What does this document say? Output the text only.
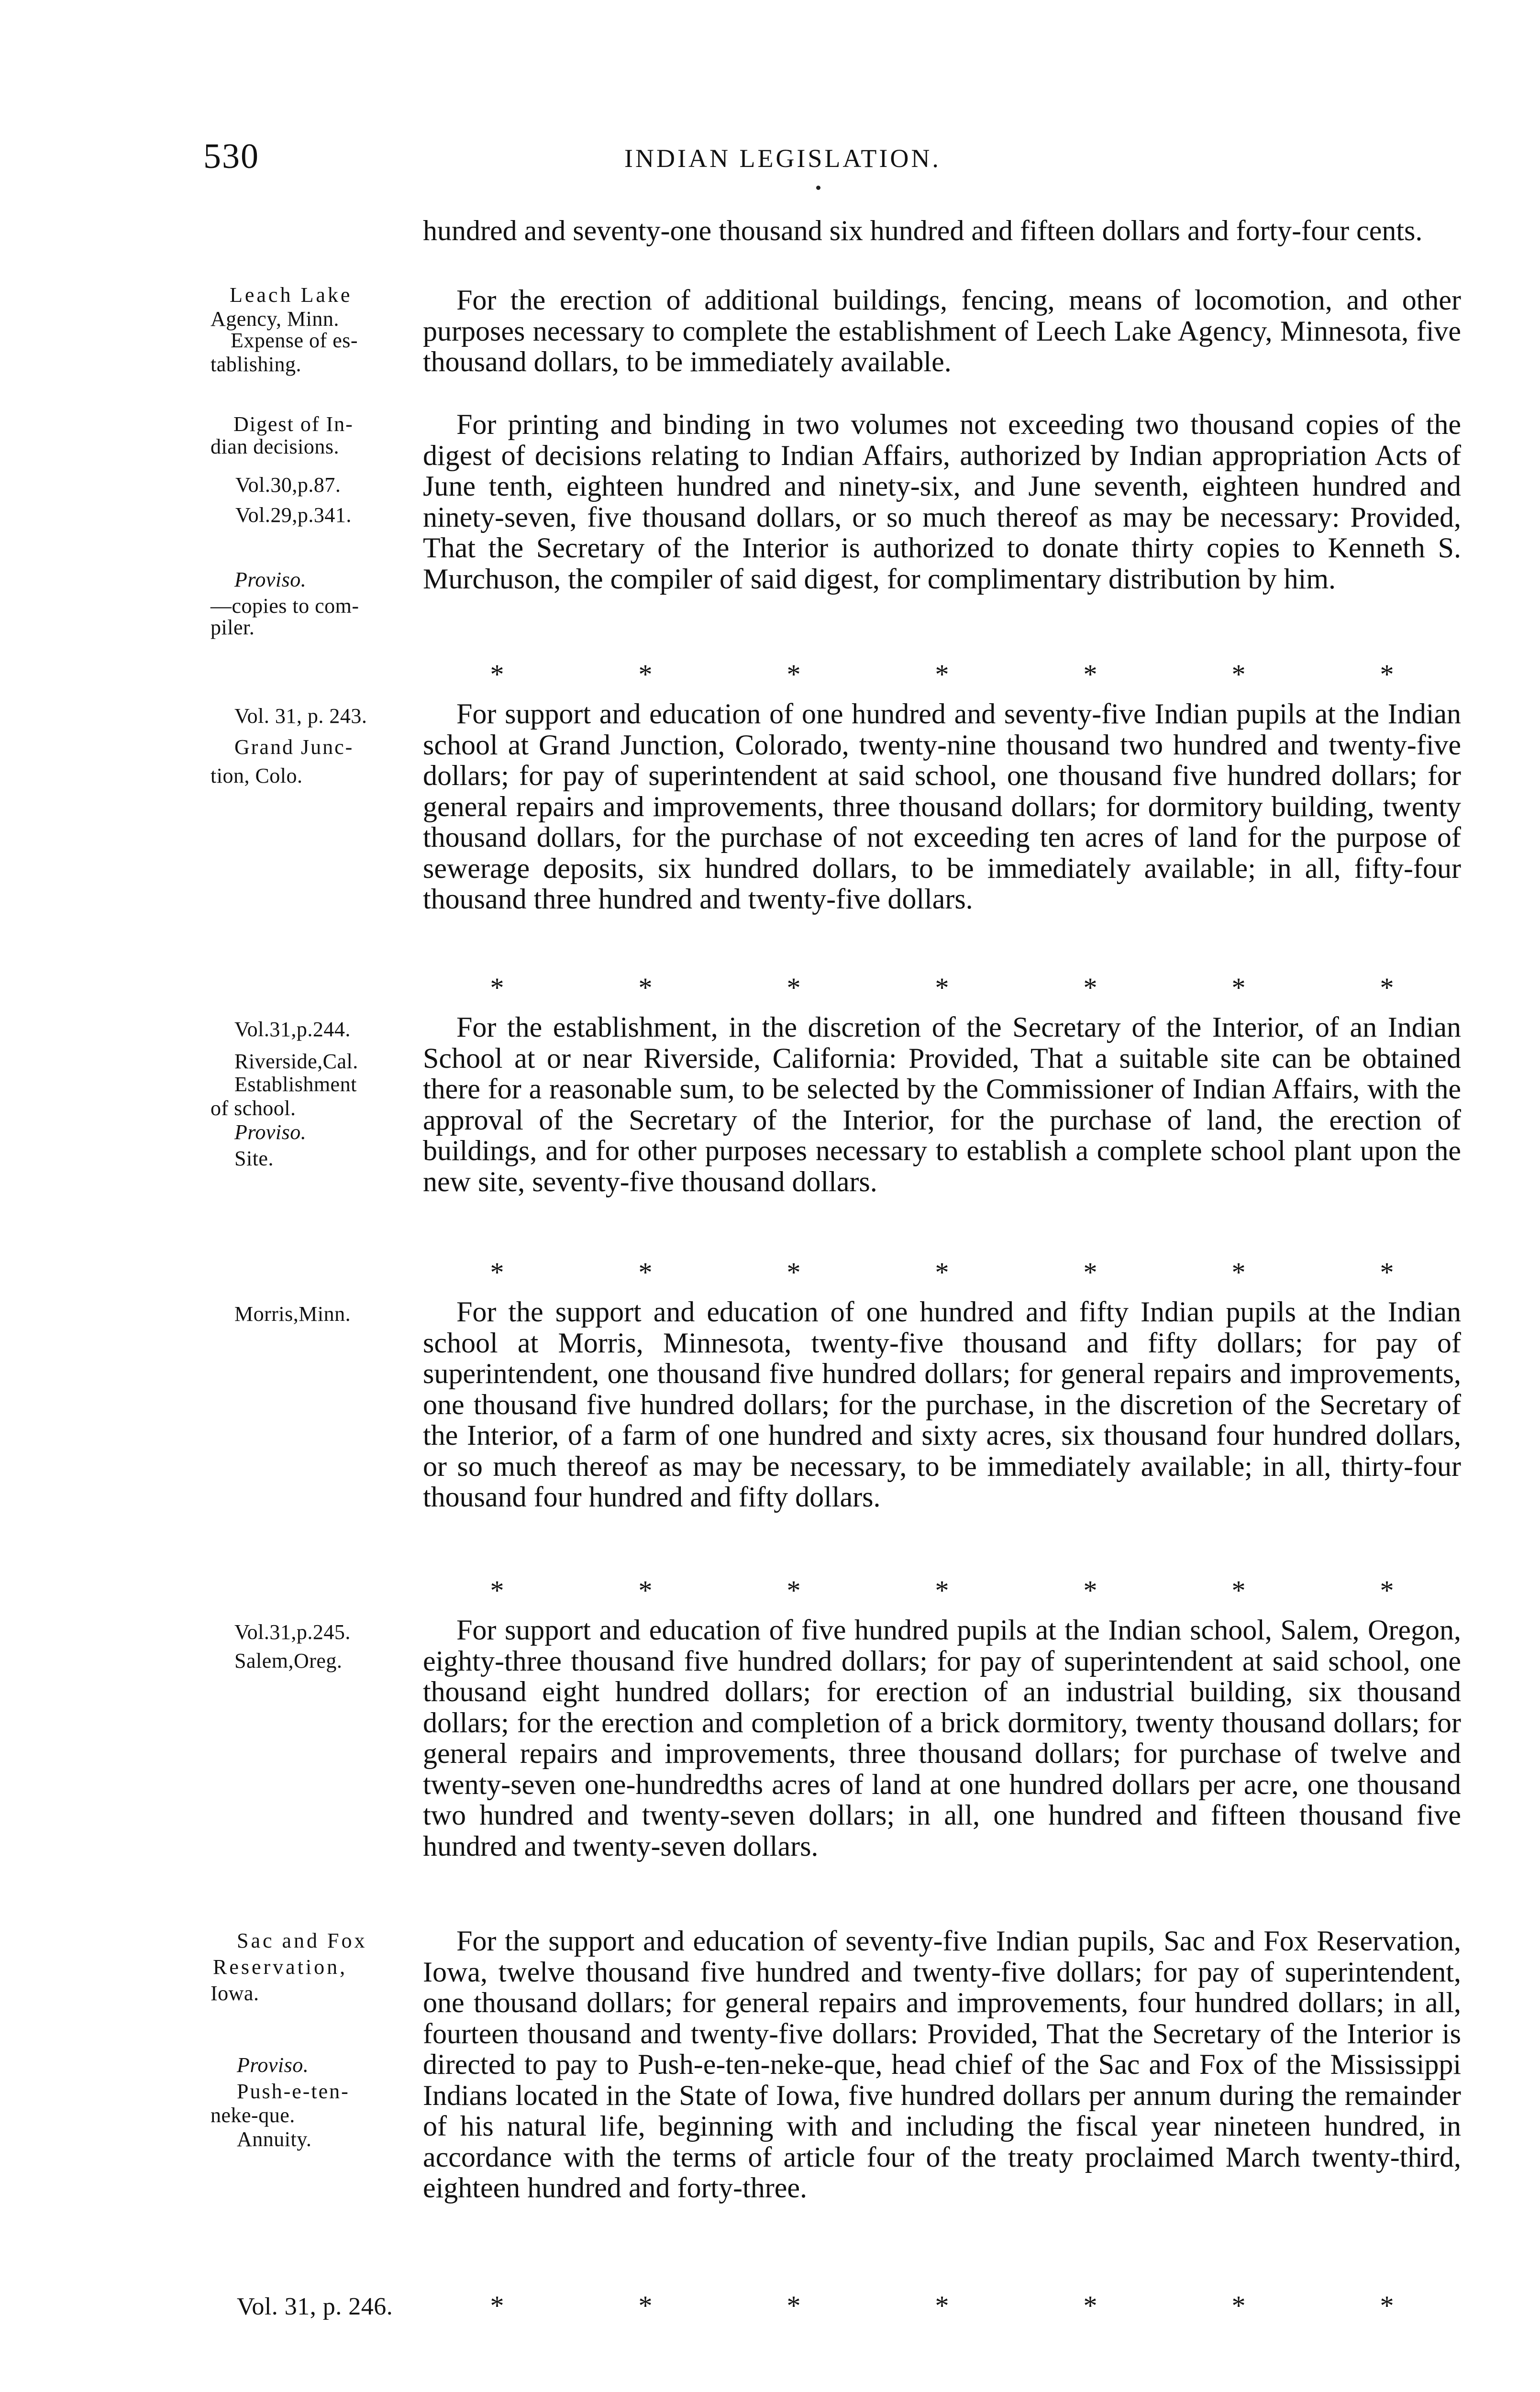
530	INDIAN LEGISLATION.
Leach Lake
Agency, Minn.
Expense of es-
tablishing.
Digest of In-
dian decisions.
Vol.30,p.87.
Vol.29,p.341.
Proviso.
—copies to com-
piler.
Vol. 31, p. 243.
Grand Junc-
tion, Colo.
Vol.31,p.244.
Riverside,Cal.
Establishment
of school.
Proviso.
Site.
Morris,Minn.
Vol.31,p.245.
Salem,Oreg.
Sac and Fox
Reservation,
Iowa.
Proviso.
Push-e-ten-
neke-que.
Annuity.
Vol. 31, p. 246.

hundred and seventy-one thousand six hundred and fifteen dollars and forty-four cents.

For the erection of additional buildings, fencing, means of locomotion, and other purposes necessary to complete the establishment of Leech Lake Agency, Minnesota, five thousand dollars, to be immediately available.

For printing and binding in two volumes not exceeding two thousand copies of the digest of decisions relating to Indian Affairs, authorized by Indian appropriation Acts of June tenth, eighteen hundred and ninety-six, and June seventh, eighteen hundred and ninety-seven, five thousand dollars, or so much thereof as may be necessary: Provided, That the Secretary of the Interior is authorized to donate thirty copies to Kenneth S. Murchuson, the compiler of said digest, for complimentary distribution by him.

*	*	*	*	*	*	*

For support and education of one hundred and seventy-five Indian pupils at the Indian school at Grand Junction, Colorado, twenty-nine thousand two hundred and twenty-five dollars; for pay of superintendent at said school, one thousand five hundred dollars; for general repairs and improvements, three thousand dollars; for dormitory building, twenty thousand dollars, for the purchase of not exceeding ten acres of land for the purpose of sewerage deposits, six hundred dollars, to be immediately available; in all, fifty-four thousand three hundred and twenty-five dollars.

*	*	*	*	*	*	*

For the establishment, in the discretion of the Secretary of the Interior, of an Indian School at or near Riverside, California: Provided, That a suitable site can be obtained there for a reasonable sum, to be selected by the Commissioner of Indian Affairs, with the approval of the Secretary of the Interior, for the purchase of land, the erection of buildings, and for other purposes necessary to establish a complete school plant upon the new site, seventy-five thousand dollars.

*	*	*	*	*	*	*

For the support and education of one hundred and fifty Indian pupils at the Indian school at Morris, Minnesota, twenty-five thousand and fifty dollars; for pay of superintendent, one thousand five hundred dollars; for general repairs and improvements, one thousand five hundred dollars; for the purchase, in the discretion of the Secretary of the Interior, of a farm of one hundred and sixty acres, six thousand four hundred dollars, or so much thereof as may be necessary, to be immediately available; in all, thirty-four thousand four hundred and fifty dollars.

*	*	*	*	*	*	*

For support and education of five hundred pupils at the Indian school, Salem, Oregon, eighty-three thousand five hundred dollars; for pay of superintendent at said school, one thousand eight hundred dollars; for erection of an industrial building, six thousand dollars; for the erection and completion of a brick dormitory, twenty thousand dollars; for general repairs and improvements, three thousand dollars; for purchase of twelve and twenty-seven one-hundredths acres of land at one hundred dollars per acre, one thousand two hundred and twenty-seven dollars; in all, one hundred and fifteen thousand five hundred and twenty-seven dollars.

For the support and education of seventy-five Indian pupils, Sac and Fox Reservation, Iowa, twelve thousand five hundred and twenty-five dollars; for pay of superintendent, one thousand dollars; for general repairs and improvements, four hundred dollars; in all, fourteen thousand and twenty-five dollars: Provided, That the Secretary of the Interior is directed to pay to Push-e-ten-neke-que, head chief of the Sac and Fox of the Mississippi Indians located in the State of Iowa, five hundred dollars per annum during the remainder of his natural life, beginning with and including the fiscal year nineteen hundred, in accordance with the terms of article four of the treaty proclaimed March twenty-third, eighteen hundred and forty-three.

*	*	*	*	*	*	*
